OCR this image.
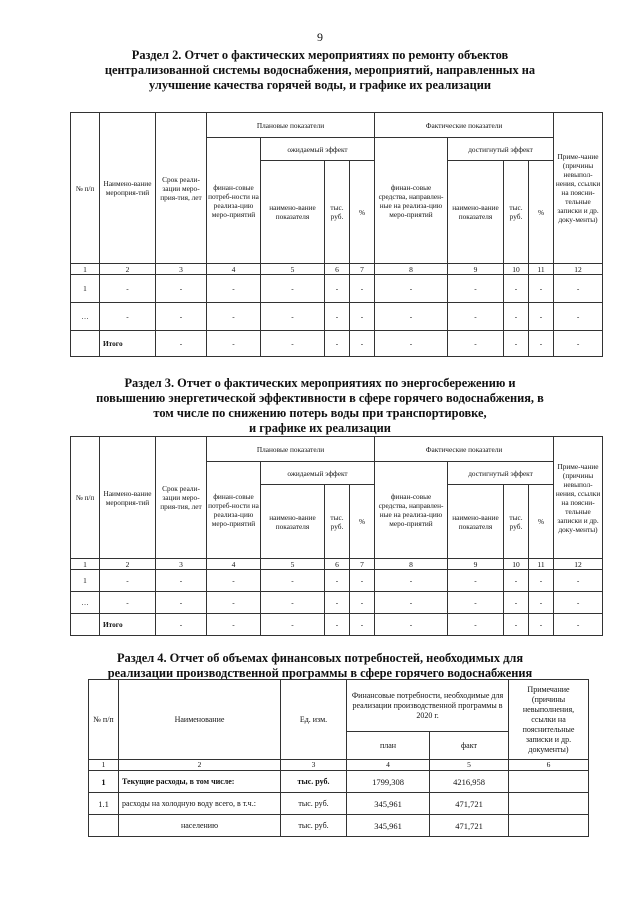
9
Раздел 2. Отчет о фактических мероприятиях по ремонту объектов
централизованной системы водоснабжения, мероприятий, направленных на
улучшение качества горячей воды, и графике их реализации
№ п/п	Наимено-вание мероприя-тий	Срок реали-зации меро-прия-тия, лет	Плановые показатели				Фактические показатели				Приме-чание (причины невыпол-нения, ссылки на поясни-тельные записки и др. доку-менты)
			финан-совые потреб-ности на реализа-цию меро-приятий	ожидаемый эффект			финан-совые средства, направлен-ные на реализа-цию меро-приятий	достигнутый эффект			
				наимено-вание показателя	тыс. руб.	%		наимено-вание показателя	тыс. руб.	%	
1	2	3	4	5	6	7	8	9	10	11	12
1	-	-	-	-	-	-	-	-	-	-	-
…	-	-	-	-	-	-	-	-	-	-	-
	Итого	-	-	-	-	-	-	-	-	-	-
Раздел 3. Отчет о фактических мероприятиях по энергосбережению и
повышению энергетической эффективности в сфере горячего водоснабжения, в
том числе по снижению потерь воды при транспортировке,
и графике их реализации
№ п/п	Наимено-вание мероприя-тий	Срок реали-зации меро-прия-тия, лет	Плановые показатели				Фактические показатели				Приме-чание (причины невыпол-нения, ссылки на поясни-тельные записки и др. доку-менты)
			финан-совые потреб-ности на реализа-цию меро-приятий	ожидаемый эффект			финан-совые средства, направлен-ные на реализа-цию меро-приятий	достигнутый эффект			
				наимено-вание показателя	тыс. руб.	%		наимено-вание показателя	тыс. руб.	%	
1	2	3	4	5	6	7	8	9	10	11	12
1	-	-	-	-	-	-	-	-	-	-	-
…	-	-	-	-	-	-	-	-	-	-	-
	Итого	-	-	-	-	-	-	-	-	-	-
Раздел 4. Отчет об объемах финансовых потребностей, необходимых для
реализации производственной программы в сфере горячего водоснабжения
№ п/п	Наименование	Ед. изм.	Финансовые потребности, необходимые для реализации производственной программы в 2020 г.		Примечание (причины невыполнения, ссылки на пояснительные записки и др. документы)
			план	факт	
1	2	3	4	5	6
1	Текущие расходы, в том числе:	тыс. руб.	1799,308	4216,958	
1.1	расходы на холодную воду всего, в т.ч.:	тыс. руб.	345,961	471,721	
	населению	тыс. руб.	345,961	471,721	
